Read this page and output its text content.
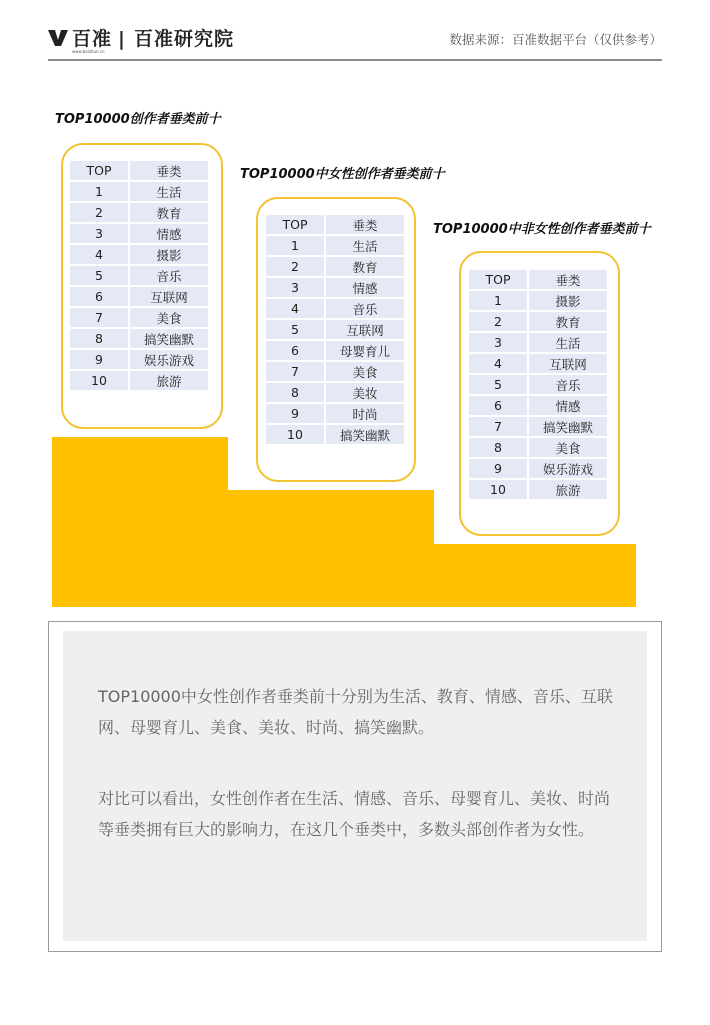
百准
www.baizhun.cn
| 百准研究院	数据来源：百准数据平台（仅供参考）
TOP10000创作者垂类前十
TOP10000中女性创作者垂类前十
TOP10000中非女性创作者垂类前十
TOP	垂类
1	生活
2	教育
3	情感
4	摄影
5	音乐
6	互联网
7	美食
8	搞笑幽默
9	娱乐游戏
10	旅游
TOP	垂类
1	生活
2	教育
3	情感
4	音乐
5	互联网
6	母婴育儿
7	美食
8	美妆
9	时尚
10	搞笑幽默
TOP	垂类
1	摄影
2	教育
3	生活
4	互联网
5	音乐
6	情感
7	搞笑幽默
8	美食
9	娱乐游戏
10	旅游
TOP10000中女性创作者垂类前十分别为生活、教育、情感、音乐、互联网、母婴育儿、美食、美妆、时尚、搞笑幽默。
对比可以看出，女性创作者在生活、情感、音乐、母婴育儿、美妆、时尚等垂类拥有巨大的影响力，在这几个垂类中，多数头部创作者为女性。
